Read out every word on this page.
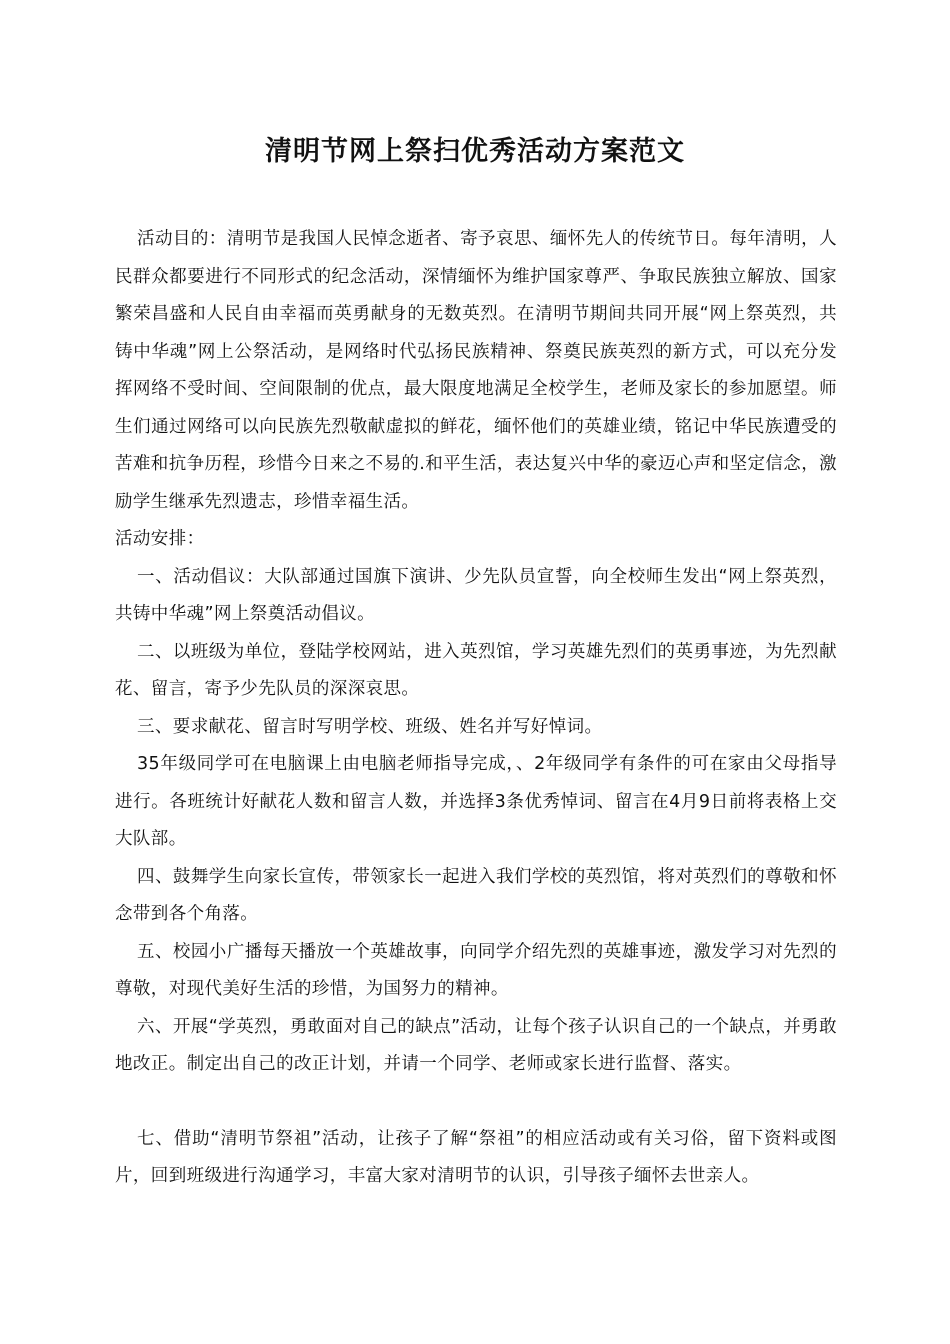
清明节网上祭扫优秀活动方案范文

活动目的：清明节是我国人民悼念逝者、寄予哀思、缅怀先人的传统节日。每年清明，人民群众都要进行不同形式的纪念活动，深情缅怀为维护国家尊严、争取民族独立解放、国家繁荣昌盛和人民自由幸福而英勇献身的无数英烈。在清明节期间共同开展“网上祭英烈，共铸中华魂”网上公祭活动，是网络时代弘扬民族精神、祭奠民族英烈的新方式，可以充分发挥网络不受时间、空间限制的优点，最大限度地满足全校学生，老师及家长的参加愿望。师生们通过网络可以向民族先烈敬献虚拟的鲜花，缅怀他们的英雄业绩，铭记中华民族遭受的苦难和抗争历程，珍惜今日来之不易的.和平生活，表达复兴中华的豪迈心声和坚定信念，激励学生继承先烈遗志，珍惜幸福生活。

活动安排：

一、活动倡议：大队部通过国旗下演讲、少先队员宣誓，向全校师生发出“网上祭英烈，共铸中华魂”网上祭奠活动倡议。

二、以班级为单位，登陆学校网站，进入英烈馆，学习英雄先烈们的英勇事迹，为先烈献花、留言，寄予少先队员的深深哀思。

三、要求献花、留言时写明学校、班级、姓名并写好悼词。

35年级同学可在电脑课上由电脑老师指导完成，、2年级同学有条件的可在家由父母指导进行。各班统计好献花人数和留言人数，并选择3条优秀悼词、留言在4月9日前将表格上交大队部。

四、鼓舞学生向家长宣传，带领家长一起进入我们学校的英烈馆，将对英烈们的尊敬和怀念带到各个角落。

五、校园小广播每天播放一个英雄故事，向同学介绍先烈的英雄事迹，激发学习对先烈的尊敬，对现代美好生活的珍惜，为国努力的精神。

六、开展“学英烈，勇敢面对自己的缺点”活动，让每个孩子认识自己的一个缺点，并勇敢地改正。制定出自己的改正计划，并请一个同学、老师或家长进行监督、落实。

七、借助“清明节祭祖”活动，让孩子了解“祭祖”的相应活动或有关习俗，留下资料或图片，回到班级进行沟通学习，丰富大家对清明节的认识，引导孩子缅怀去世亲人。
